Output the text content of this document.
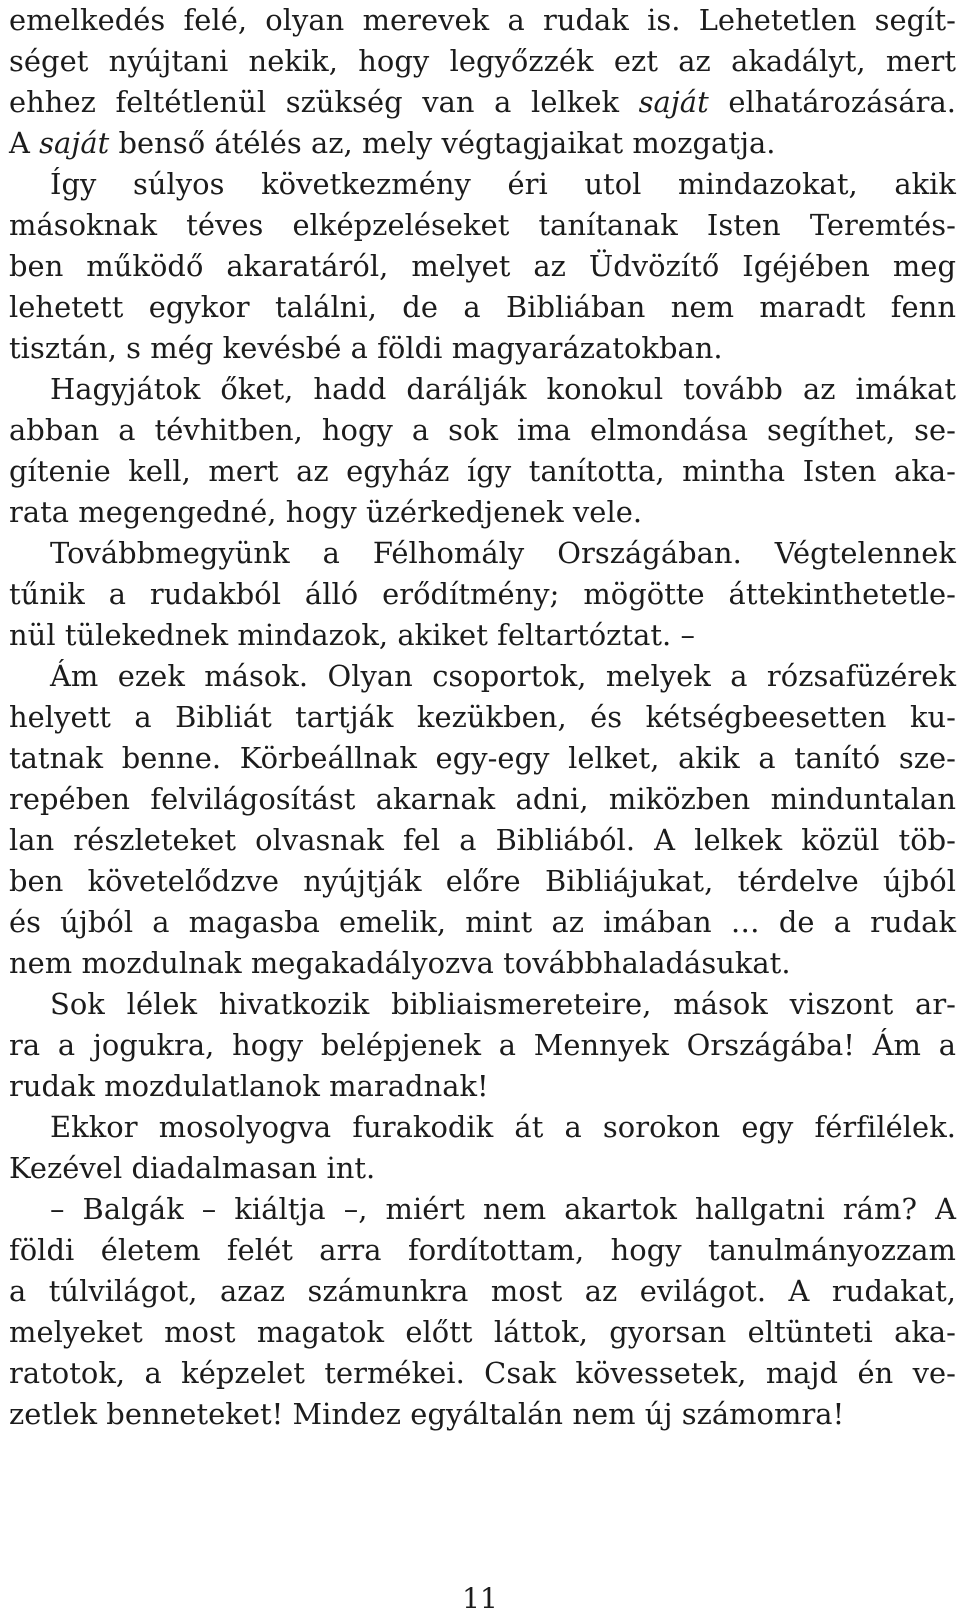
emelkedés felé, olyan merevek a rudak is. Lehetetlen segít-
séget nyújtani nekik, hogy legyőzzék ezt az akadályt, mert
ehhez feltétlenül szükség van a lelkek saját elhatározására.
A saját benső átélés az, mely végtagjaikat mozgatja.
Így súlyos következmény éri utol mindazokat, akik
másoknak téves elképzeléseket tanítanak Isten Teremtés-
ben működő akaratáról, melyet az Üdvözítő Igéjében meg
lehetett egykor találni, de a Bibliában nem maradt fenn
tisztán, s még kevésbé a földi magyarázatokban.
Hagyjátok őket, hadd darálják konokul tovább az imákat
abban a tévhitben, hogy a sok ima elmondása segíthet, se-
gítenie kell, mert az egyház így tanította, mintha Isten aka-
rata megengedné, hogy üzérkedjenek vele.
Továbbmegyünk a Félhomály Országában. Végtelennek
tűnik a rudakból álló erődítmény; mögötte áttekinthetetle-
nül tülekednek mindazok, akiket feltartóztat. –
Ám ezek mások. Olyan csoportok, melyek a rózsafüzérek
helyett a Bibliát tartják kezükben, és kétségbeesetten ku-
tatnak benne. Körbeállnak egy-egy lelket, akik a tanító sze-
repében felvilágosítást akarnak adni, miközben minduntalan
lan részleteket olvasnak fel a Bibliából. A lelkek közül töb-
ben követelődzve nyújtják előre Bibliájukat, térdelve újból
és újból a magasba emelik, mint az imában … de a rudak
nem mozdulnak megakadályozva továbbhaladásukat.
Sok lélek hivatkozik bibliaismereteire, mások viszont ar-
ra a jogukra, hogy belépjenek a Mennyek Országába! Ám a
rudak mozdulatlanok maradnak!
Ekkor mosolyogva furakodik át a sorokon egy férfilélek.
Kezével diadalmasan int.
– Balgák – kiáltja –, miért nem akartok hallgatni rám? A
földi életem felét arra fordítottam, hogy tanulmányozzam
a túlvilágot, azaz számunkra most az evilágot. A rudakat,
melyeket most magatok előtt láttok, gyorsan eltünteti aka-
ratotok, a képzelet termékei. Csak kövessetek, majd én ve-
zetlek benneteket! Mindez egyáltalán nem új számomra!
11
